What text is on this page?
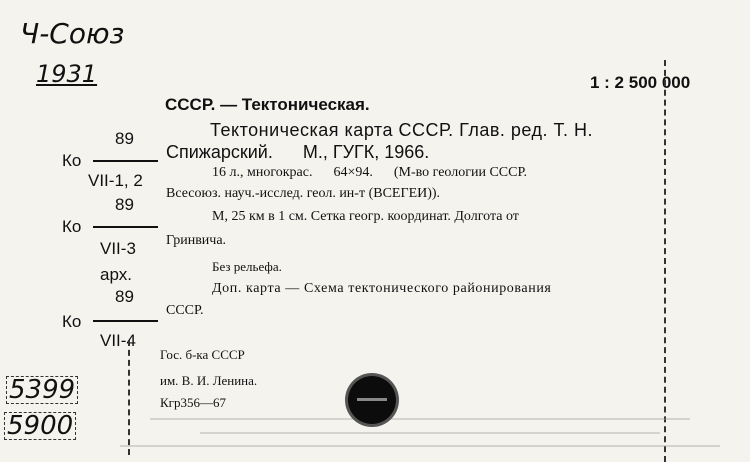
Ч-Союз
1931
5399
5900
1 : 2 500 000
СССР. — Тектоническая.
Тектоническая карта СССР. Глав. ред. Т. Н.
Спижарский.      М., ГУГК, 1966.
16 л., многокрас.      64×94.      (М-во геологии СССР.
Всесоюз. науч.-исслед. геол. ин-т (ВСЕГЕИ)).
М, 25 км в 1 см. Сетка геогр. координат. Долгота от
Гринвича.
Без рельефа.
Доп. карта — Схема тектонического районирования
СССР.
Ко
89
VII-1, 2
Ко
89
VII-3
арх.
Ко
89
VII-4
Гос. б-ка СССР
им. В. И. Ленина.
Кгр356—67
